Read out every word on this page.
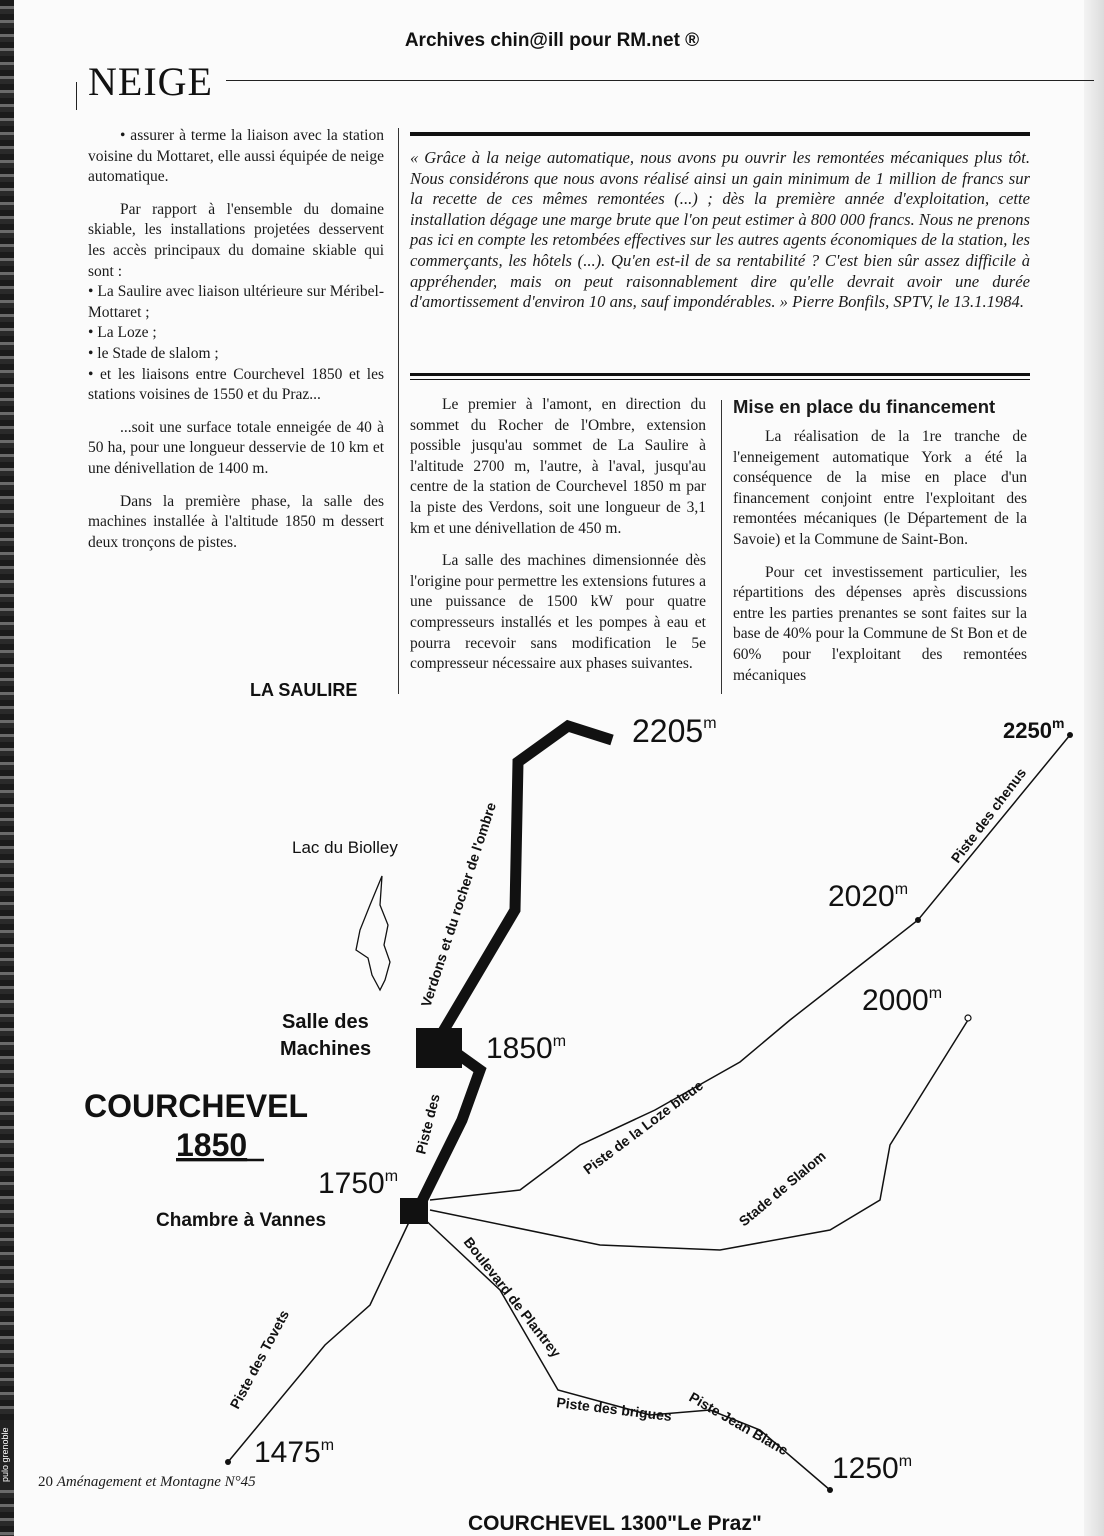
pulo grenoble
Archives chin@ill pour RM.net ®
NEIGE

• assurer à terme la liaison avec la station voisine du Mottaret, elle aussi équipée de neige automatique.

Par rapport à l'ensemble du domaine skiable, les installations projetées desservent les accès principaux du domaine skiable qui sont :

• La Saulire avec liaison ultérieure sur Méribel-Mottaret ;

• La Loze ;

• le Stade de slalom ;

• et les liaisons entre Courchevel 1850 et les stations voisines de 1550 et du Praz...

...soit une surface totale enneigée de 40 à 50 ha, pour une longueur desservie de 10 km et une dénivellation de 1400 m.

Dans la première phase, la salle des machines installée à l'altitude 1850 m dessert deux tronçons de pistes.

« Grâce à la neige automatique, nous avons pu ouvrir les remontées mécaniques plus tôt. Nous considérons que nous avons réalisé ainsi un gain minimum de 1 million de francs sur la recette de ces mêmes remontées (...) ; dès la première année d'exploitation, cette installation dégage une marge brute que l'on peut estimer à 800 000 francs. Nous ne prenons pas ici en compte les retombées effectives sur les autres agents économiques de la station, les commerçants, les hôtels (...). Qu'en est-il de sa rentabilité ? C'est bien sûr assez difficile à appréhender, mais on peut raisonnablement dire qu'elle devrait avoir une durée d'amortissement d'environ 10 ans, sauf impondérables. » Pierre Bonfils, SPTV, le 13.1.1984.

Le premier à l'amont, en direction du sommet du Rocher de l'Ombre, extension possible jusqu'au sommet de La Saulire à l'altitude 2700 m, l'autre, à l'aval, jusqu'au centre de la station de Courchevel 1850 m par la piste des Verdons, soit une longueur de 3,1 km et une dénivellation de 450 m.

La salle des machines dimensionnée dès l'origine pour permettre les extensions futures a une puissance de 1500 kW pour quatre compresseurs installés et les pompes à eau et pourra recevoir sans modification le 5e compresseur nécessaire aux phases suivantes.

Mise en place du financement

La réalisation de la 1re tranche de l'enneigement automatique York a été la conséquence de la mise en place d'un financement conjoint entre l'exploitant des remontées mécaniques (le Département de la Savoie) et la Commune de Saint-Bon.

Pour cet investissement particulier, les répartitions des dépenses après discussions entre les parties prenantes se sont faites sur la base de 40% pour la Commune de St Bon et de 60% pour l'exploitant des remontées mécaniques

LA SAULIRE
Lac du Biolley
Salle des Machines
COURCHEVEL
1850
Chambre à Vannes
COURCHEVEL 1300"Le Praz"
2205$^m$	2250$^m$
2020$^m$
2000$^m$
1850$^m$
1750$^m$
1475$^m$
1250$^m$
Verdons et du rocher de l'ombre	Piste des chenus
Piste des	Piste de la Loze bleue
Stade de Slalom
Piste des Tovets	Boulevard de Plantrey
Piste des brigues Piste Jean Blanc
20 Aménagement et Montagne N°45
